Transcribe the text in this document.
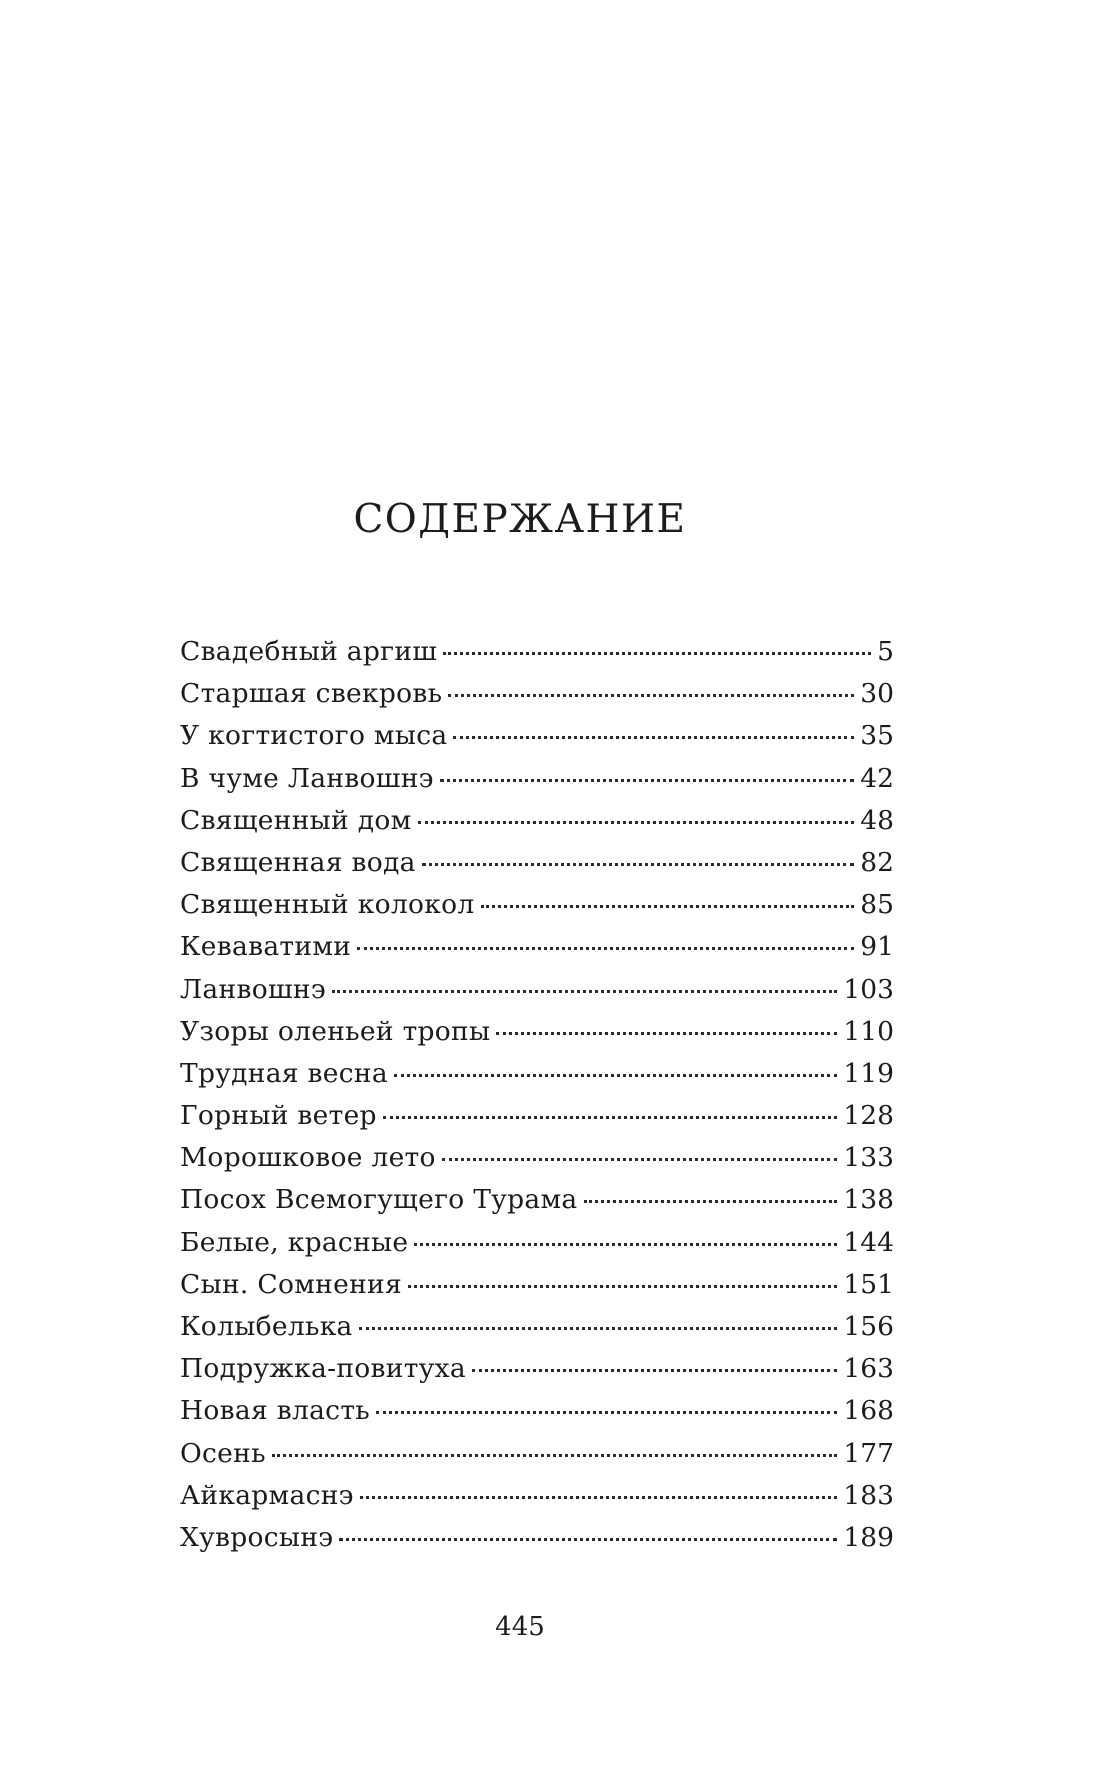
СОДЕРЖАНИЕ
Свадебный аргиш	5
Старшая свекровь	30
У когтистого мыса	35
В чуме Ланвошнэ	42
Священный дом	48
Священная вода	82
Священный колокол	85
Кеваватими	91
Ланвошнэ	103
Узоры оленьей тропы	110
Трудная весна	119
Горный ветер	128
Морошковое лето	133
Посох Всемогущего Турама	138
Белые, красные	144
Сын. Сомнения	151
Колыбелька	156
Подружка-повитуха	163
Новая власть	168
Осень	177
Айкармаснэ	183
Хувросынэ	189
445
